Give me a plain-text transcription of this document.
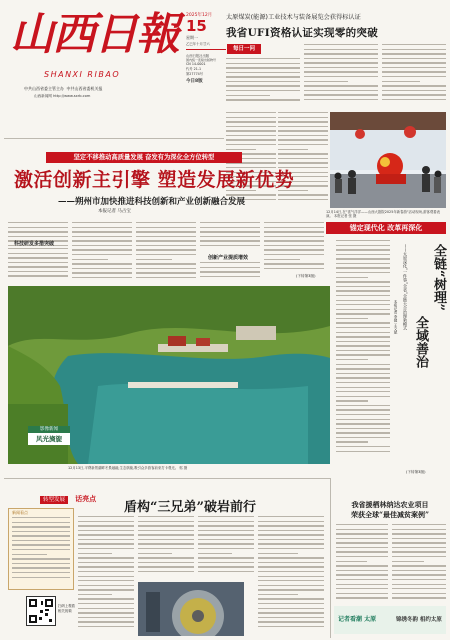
山西日報
SHANXI RIBAO
中共山西省委主管主办 中共山西省委机关报
山西新闻网 http://www.sxrb.com
2025年12月
15
星期一
乙巳年十月廿六
山西日报社出版
国内统一连续出版物号
CN 14-0001
代号 21-1
第27774号
今日8版
太原煤炭(能源)工业技术与装备展览会获得标认证
我省UFI资格认证实现零的突破
每日一问
12月14日,在"喜气洋洋——山西大剧院2025年新春游"活动现场,游客观看表演。 本报记者 张 摄
坚定不移推动高质量发展 奋发有为深化全方位转型
激活创新主引擎 塑造发展新优势
——朔州市加快推进科技创新和产业创新融合发展
本报记者 马占宝
科技研发多措突破
创新产业提质增效
(下转第3版)
影像新闻
风光旖旎
12月13日,平朔新景湖畔冬景融融,生态旖旎,吸引众多游客前来打卡观光。 郭 摄
锚定现代化 改革再深化
全链“树理”
全域善治
——太原深化“一件事”全省“全链大合治理新模式
本报记者 李健 王文斌
(下转第3版)
转型发展 话亮点
盾构“三兄弟”破岩前行
新闻看点
扫码上观看
相关视频
我省援栖林纳达农业项目
荣获全球“最佳减贫案例”
记者看潮 太原	锦绣冬韵 相约太原
